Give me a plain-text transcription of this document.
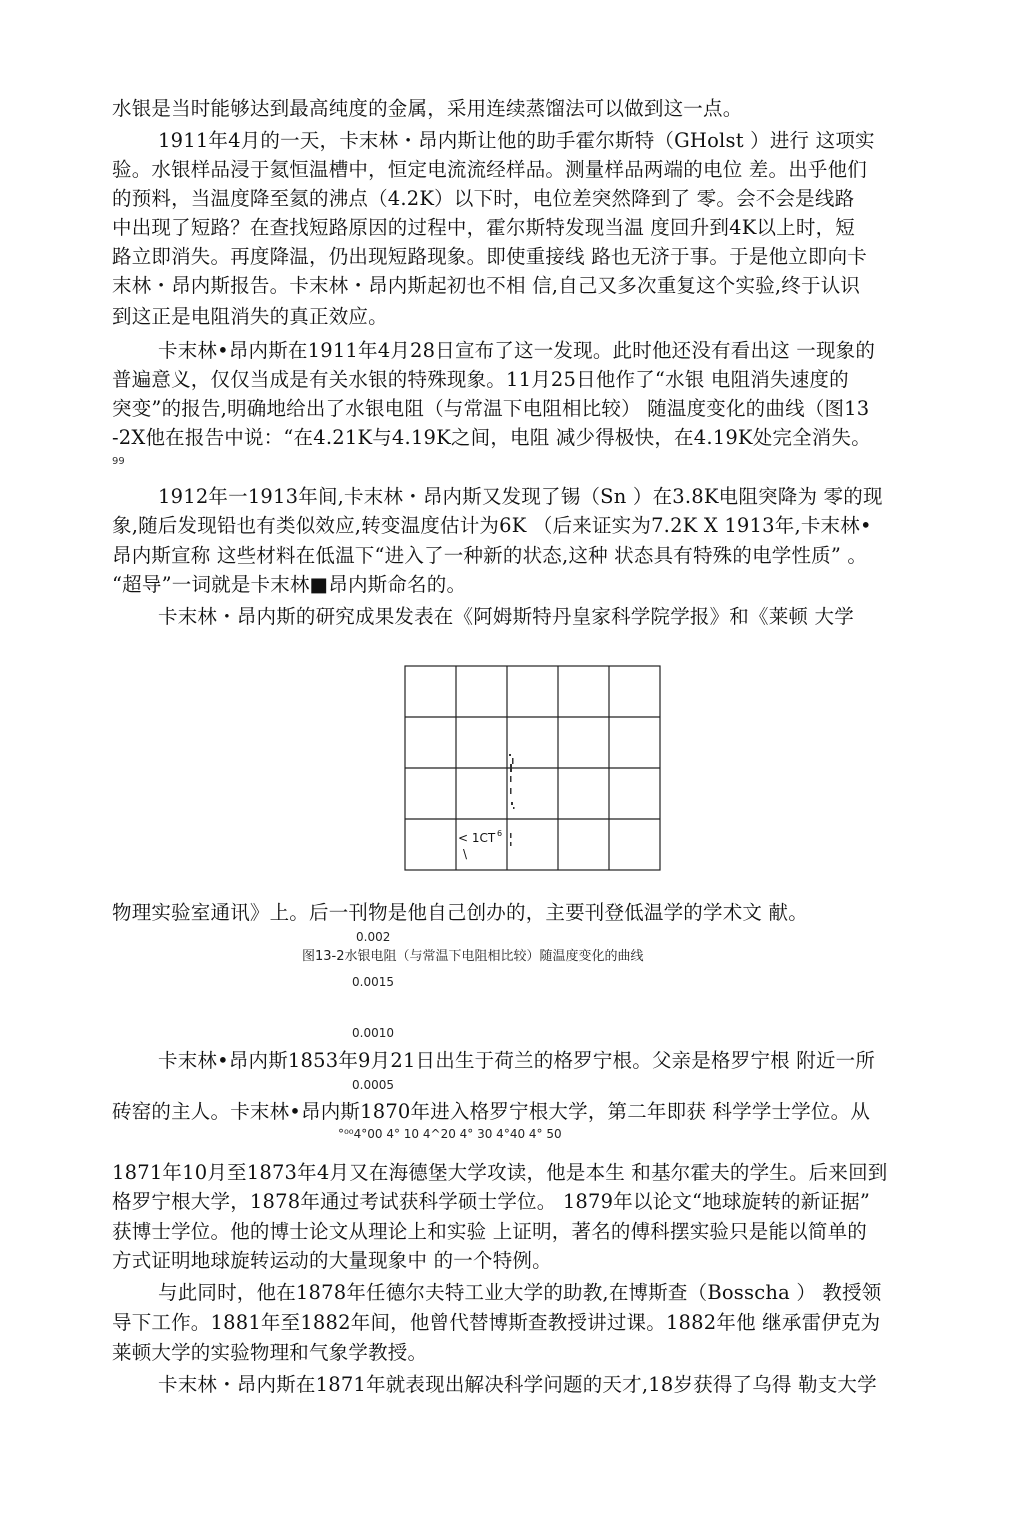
水银是当时能够达到最高纯度的金属，采用连续蒸馏法可以做到这一点。
1911年4月的一天，卡末林・昂内斯让他的助手霍尔斯特（GHolst ）进行 这项实
验。水银样品浸于氦恒温槽中，恒定电流流经样品。测量样品两端的电位 差。出乎他们
的预料，当温度降至氦的沸点（4.2K）以下时，电位差突然降到了 零。会不会是线路
中出现了短路？在查找短路原因的过程中，霍尔斯特发现当温 度回升到4K以上时，短
路立即消失。再度降温，仍出现短路现象。即使重接线 路也无济于事。于是他立即向卡
末林・昂内斯报告。卡末林・昂内斯起初也不相 信,自己又多次重复这个实验,终于认识
到这正是电阻消失的真正效应。
卡末林•昂内斯在1911年4月28日宣布了这一发现。此时他还没有看出这 一现象的
普遍意义，仅仅当成是有关水银的特殊现象。11月25日他作了“水银 电阻消失速度的
突变”的报告,明确地给出了水银电阻（与常温下电阻相比较） 随温度变化的曲线（图13
-2X他在报告中说：“在4.21K与4.19K之间，电阻 减少得极快，在4.19K处完全消失。
99
1912年一1913年间,卡末林・昂内斯又发现了锡（Sn ）在3.8K电阻突降为 零的现
象,随后发现铅也有类似效应,转变温度估计为6K （后来证实为7.2K X 1913年,卡末林•
昂内斯宣称 这些材料在低温下“进入了一种新的状态,这种 状态具有特殊的电学性质” 。
“超导”一词就是卡末林■昂内斯命名的。
卡末林・昂内斯的研究成果发表在《阿姆斯特丹皇家科学院学报》和《莱顿 大学
< 1CT 6
\
物理实验室通讯》上。后一刊物是他自己创办的，主要刊登低温学的学术文 献。
0.002
图13-2水银电阻（与常温下电阻相比较）随温度变化的曲线
0.0015
0.0010
卡末林•昂内斯1853年9月21日出生于荷兰的格罗宁根。父亲是格罗宁根 附近一所
0.0005
砖窑的主人。卡末林•昂内斯1870年进入格罗宁根大学，第二年即获 科学学士学位。从
°⁰⁰4°00 4° 10 4^20 4° 30 4°40 4° 50
1871年10月至1873年4月又在海德堡大学攻读，他是本生 和基尔霍夫的学生。后来回到
格罗宁根大学，1878年通过考试获科学硕士学位。 1879年以论文“地球旋转的新证据”
获博士学位。他的博士论文从理论上和实验 上证明，著名的傅科摆实验只是能以简单的
方式证明地球旋转运动的大量现象中 的一个特例。
与此同时，他在1878年任德尔夫特工业大学的助教,在博斯查（Bosscha ） 教授领
导下工作。1881年至1882年间，他曾代替博斯查教授讲过课。1882年他 继承雷伊克为
莱顿大学的实验物理和气象学教授。
卡末林・昂内斯在1871年就表现出解决科学问题的天才,18岁获得了乌得 勒支大学
